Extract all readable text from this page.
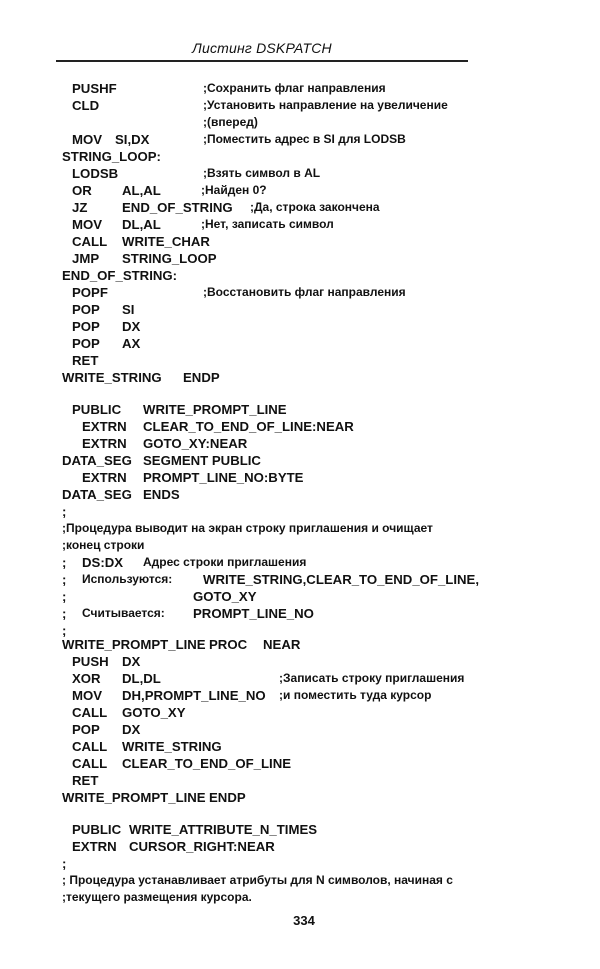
Листинг DSKPATCH
PUSHF	;Сохранить флаг направления
CLD	;Установить направление на увеличение
;(вперед)
MOV SI,DX	;Поместить адрес в SI для LODSB
STRING_LOOP:
LODSB	;Взять символ в AL
OR AL,AL	;Найден 0?
JZ	END_OF_STRING ;Да, строка закончена
MOV DL,AL	;Нет, записать символ
CALL WRITE_CHAR
JMP STRING_LOOP
END_OF_STRING:
POPF	;Восстановить флаг направления
POP SI
POP DX
POP AX
RET
WRITE_STRING ENDP
PUBLIC WRITE_PROMPT_LINE
EXTRN CLEAR_TO_END_OF_LINE:NEAR
EXTRN GOTO_XY:NEAR
DATA_SEG SEGMENT PUBLIC
EXTRN PROMPT_LINE_NO:BYTE
DATA_SEG ENDS
;
;Процедура выводит на экран строку приглашения и очищает
;конец строки
; DS:DX Адрес строки приглашения
; Используются: WRITE_STRING,CLEAR_TO_END_OF_LINE,
;	GOTO_XY
; Считывается: PROMPT_LINE_NO
;
WRITE_PROMPT_LINE PROC NEAR
PUSH DX
XOR DL,DL	;Записать строку приглашения
MOV DH,PROMPT_LINE_NO ;и поместить туда курсор
CALL GOTO_XY
POP DX
CALL WRITE_STRING
CALL CLEAR_TO_END_OF_LINE
RET
WRITE_PROMPT_LINE ENDP
PUBLIC WRITE_ATTRIBUTE_N_TIMES
EXTRN CURSOR_RIGHT:NEAR
;
; Процедура устанавливает атрибуты для N символов, начиная с
;текущего размещения курсора.
334
